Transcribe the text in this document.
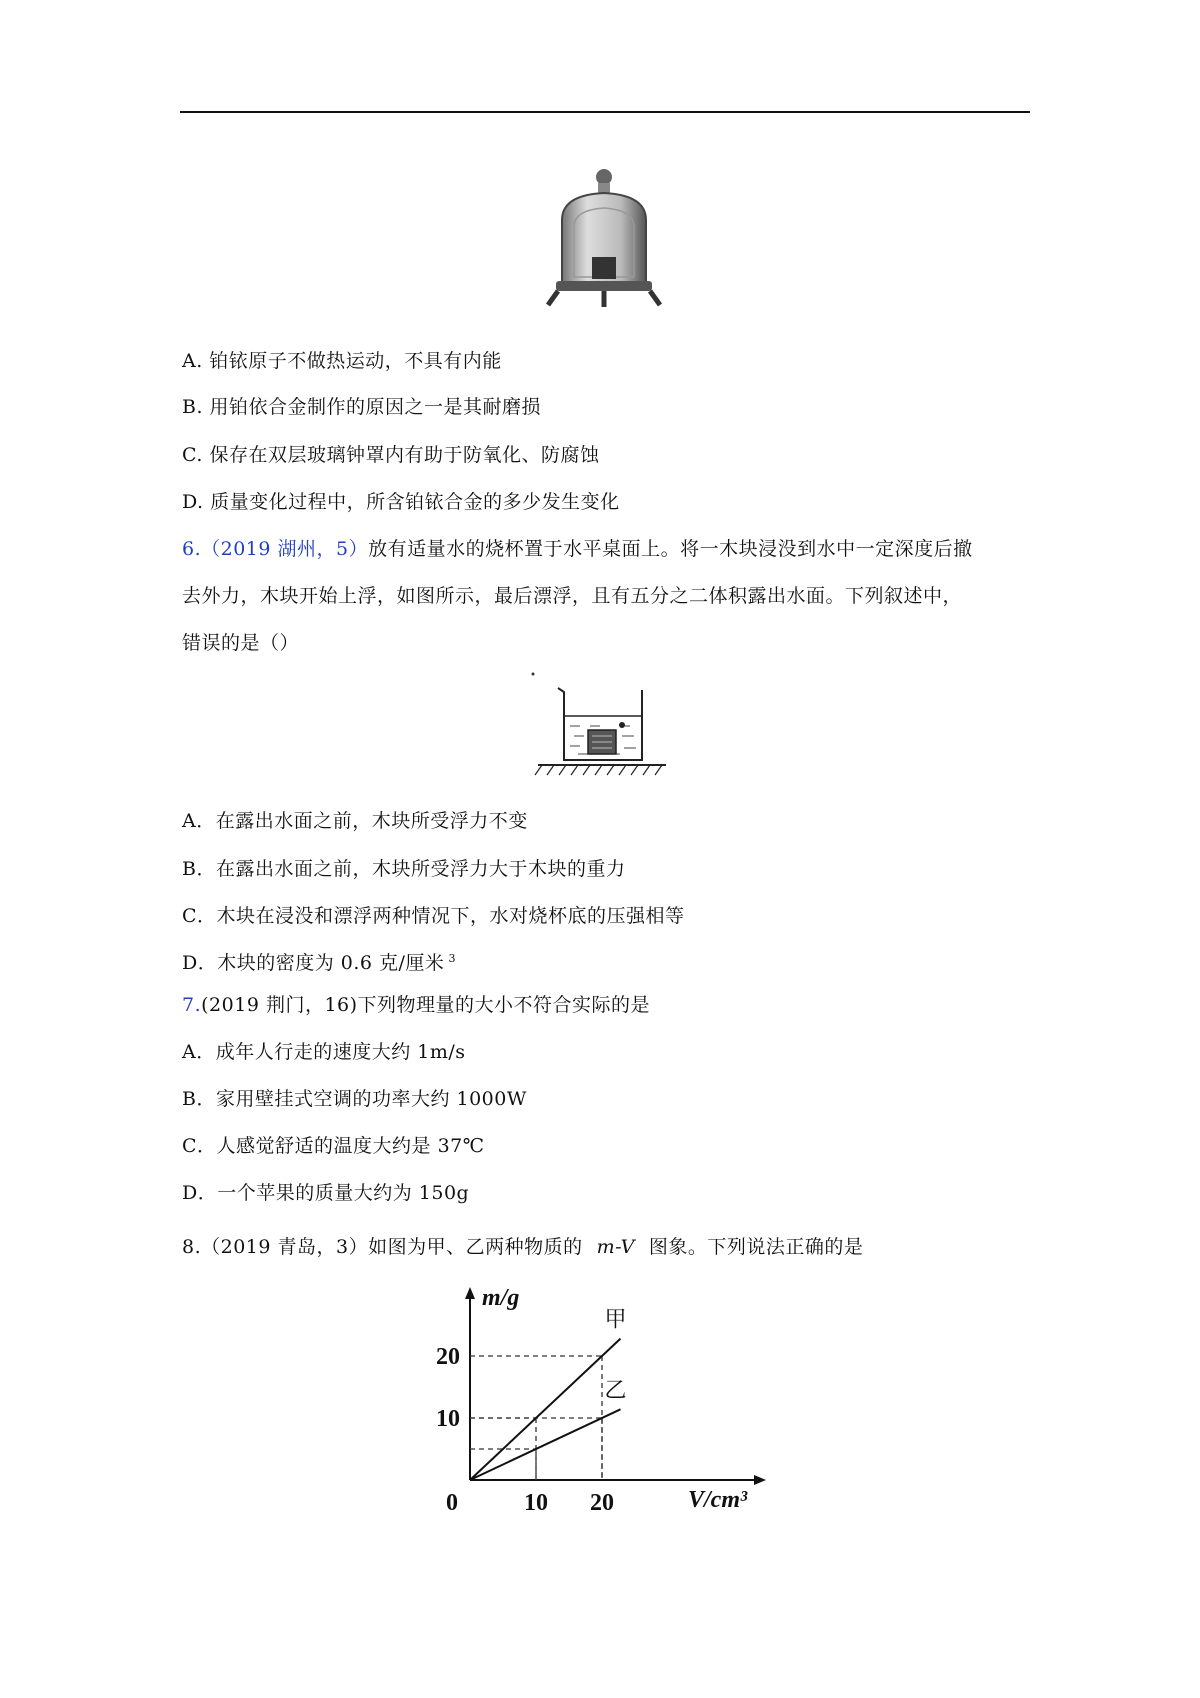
A. 铂铱原子不做热运动，不具有内能
B. 用铂依合金制作的原因之一是其耐磨损
C. 保存在双层玻璃钟罩内有助于防氧化、防腐蚀
D. 质量变化过程中，所含铂铱合金的多少发生变化
6.（2019 湖州，5）放有适量水的烧杯置于水平桌面上。将一木块浸没到水中一定深度后撤
去外力，木块开始上浮，如图所示，最后漂浮，且有五分之二体积露出水面。下列叙述中，
错误的是（）
A．在露出水面之前，木块所受浮力不变
B．在露出水面之前，木块所受浮力大于木块的重力
C．木块在浸没和漂浮两种情况下，水对烧杯底的压强相等
D．木块的密度为 0.6 克/厘米 $^3$
7.(2019 荆门，16)下列物理量的大小不符合实际的是
A．成年人行走的速度大约 1m/s
B．家用壁挂式空调的功率大约 1000W
C．人感觉舒适的温度大约是 37℃
D．一个苹果的质量大约为 150g
8.（2019 青岛，3）如图为甲、乙两种物质的 m-V 图象。下列说法正确的是
甲
乙
10
20
0	10 20
m/g
V/cm³
